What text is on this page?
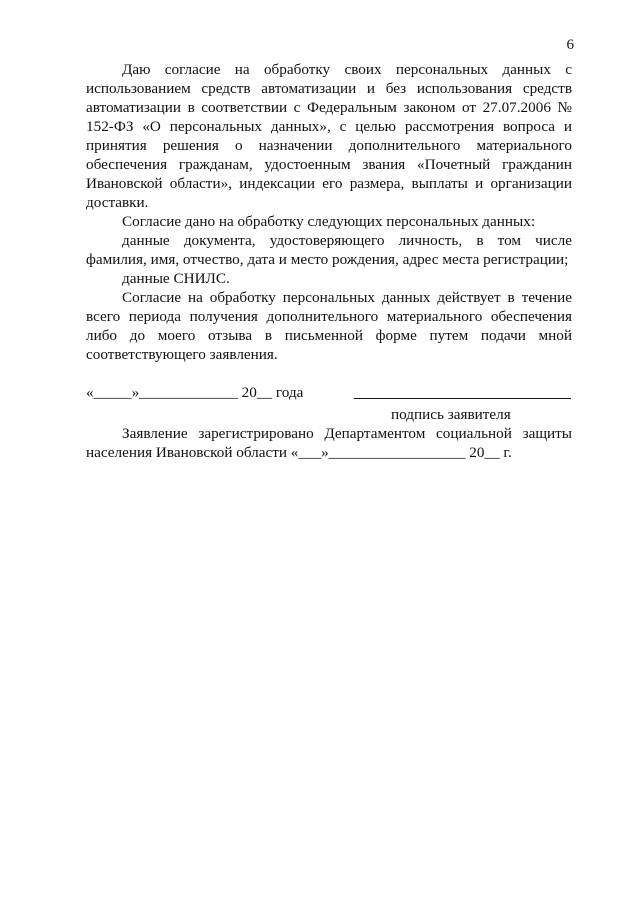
6

Даю согласие на обработку своих персональных данных с использованием средств автоматизации и без использования средств автоматизации в соответствии с Федеральным законом от 27.07.2006 № 152-ФЗ «О персональных данных», с целью рассмотрения вопроса и принятия решения о назначении дополнительного материального обеспечения гражданам, удостоенным звания «Почетный гражданин Ивановской области», индексации его размера, выплаты и организации доставки.

Согласие дано на обработку следующих персональных данных:

данные документа, удостоверяющего личность, в том числе фамилия, имя, отчество, дата и место рождения, адрес места регистрации;

данные СНИЛС.

Согласие на обработку персональных данных действует в течение всего периода получения дополнительного материального обеспечения либо до моего отзыва в письменной форме путем подачи мной соответствующего заявления.

«_____»_____________ 20__ года

подпись заявителя

Заявление зарегистрировано Департаментом социальной защиты населения Ивановской области «___»__________________ 20__ г.
